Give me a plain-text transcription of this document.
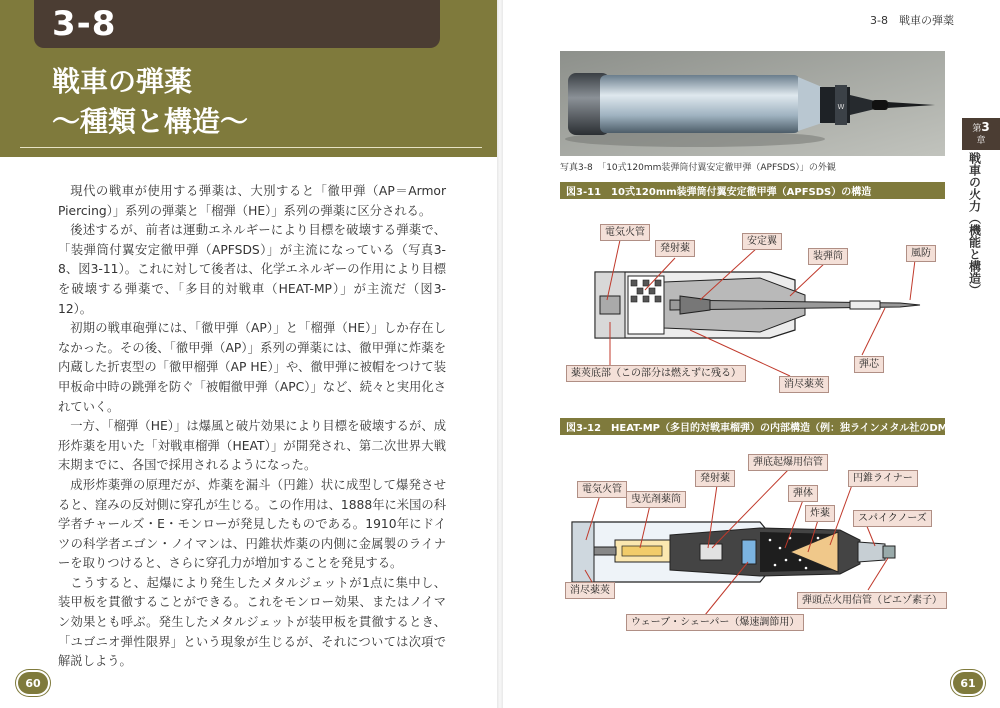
3-8
戦車の弾薬
～種類と構造～

現代の戦車が使用する弾薬は、大別すると「徹甲弾（AP＝Armor Piercing）」系列の弾薬と「榴弾（HE）」系列の弾薬に区分される。

後述するが、前者は運動エネルギーにより目標を破壊する弾薬で、「装弾筒付翼安定徹甲弾（APFSDS）」が主流になっている（写真3-8、図3-11）。これに対して後者は、化学エネルギーの作用により目標を破壊する弾薬で、「多目的対戦車（HEAT-MP）」が主流だ（図3-12）。

初期の戦車砲弾には、「徹甲弾（AP）」と「榴弾（HE）」しか存在しなかった。その後、「徹甲弾（AP）」系列の弾薬には、徹甲弾に炸薬を内蔵した折衷型の「徹甲榴弾（AP HE）」や、徹甲弾に被帽をつけて装甲板命中時の跳弾を防ぐ「被帽徹甲弾（APC）」など、続々と実用化されていく。

一方、「榴弾（HE）」は爆風と破片効果により目標を破壊するが、成形炸薬を用いた「対戦車榴弾（HEAT）」が開発され、第二次世界大戦末期までに、各国で採用されるようになった。

成形炸薬弾の原理だが、炸薬を漏斗（円錐）状に成型して爆発させると、窪みの反対側に穿孔が生じる。この作用は、1888年に米国の科学者チャールズ・E・モンローが発見したものである。1910年にドイツの科学者エゴン・ノイマンは、円錐状炸薬の内側に金属製のライナーを取りつけると、さらに穿孔力が増加することを発見する。

こうすると、起爆により発生したメタルジェットが1点に集中し、装甲板を貫徹することができる。これをモンロー効果、またはノイマン効果とも呼ぶ。発生したメタルジェットが装甲板を貫徹するとき、「ユゴニオ弾性限界」という現象が生じるが、それについては次項で解説しよう。

60
3-8　戦車の弾薬
第3
章
戦車の火力（機能と構造）
W
写真3-8　「10式120mm装弾筒付翼安定徹甲弾（APFSDS）」の外観
図3-11　10式120mm装弾筒付翼安定徹甲弾（APFSDS）の構造
電気火管
発射薬
安定翼
装弾筒	風防
薬莢底部（この部分は燃えずに残る）
消尽薬莢
弾芯
図3-12　HEAT-MP（多目的対戦車榴弾）の内部構造（例：独ラインメタル社のDM12）
弾底起爆用信管
発射薬
電気火管
曳光剤薬筒
弾体
円錐ライナー
炸薬	スパイクノーズ
消尽薬莢
弾頭点火用信管（ピエゾ素子）
ウェーブ・シェーパー（爆速調節用）
61
